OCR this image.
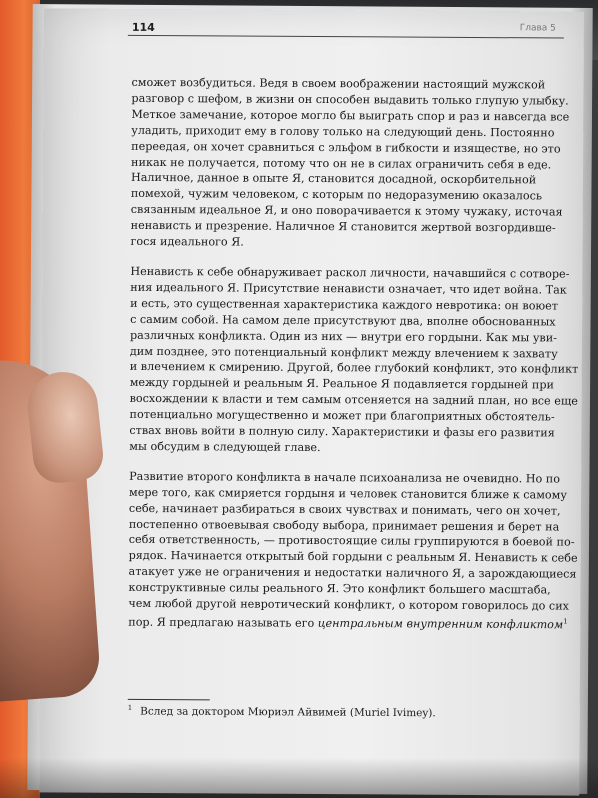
114	Глава 5
сможет возбудиться. Ведя в своем воображении настоящий мужской
разговор с шефом, в жизни он способен выдавить только глупую улыбку.
Меткое замечание, которое могло бы выиграть спор и раз и навсегда все
уладить, приходит ему в голову только на следующий день. Постоянно
переедая, он хочет сравниться с эльфом в гибкости и изяществе, но это
никак не получается, потому что он не в силах ограничить себя в еде.
Наличное, данное в опыте Я, становится досадной, оскорбительной
помехой, чужим человеком, с которым по недоразумению оказалось
связанным идеальное Я, и оно поворачивается к этому чужаку, источая
ненависть и презрение. Наличное Я становится жертвой возгордивше-
гося идеального Я.
Ненависть к себе обнаруживает раскол личности, начавшийся с сотворе-
ния идеального Я. Присутствие ненависти означает, что идет война. Так
и есть, это существенная характеристика каждого невротика: он воюет
с самим собой. На самом деле присутствуют два, вполне обоснованных
различных конфликта. Один из них — внутри его гордыни. Как мы уви-
дим позднее, это потенциальный конфликт между влечением к захвату
и влечением к смирению. Другой, более глубокий конфликт, это конфликт
между гордыней и реальным Я. Реальное Я подавляется гордыней при
восхождении к власти и тем самым отсеняется на задний план, но все еще
потенциально могущественно и может при благоприятных обстоятель-
ствах вновь войти в полную силу. Характеристики и фазы его развития
мы обсудим в следующей главе.
Развитие второго конфликта в начале психоанализа не очевидно. Но по
мере того, как смиряется гордыня и человек становится ближе к самому
себе, начинает разбираться в своих чувствах и понимать, чего он хочет,
постепенно отвоевывая свободу выбора, принимает решения и берет на
себя ответственность, — противостоящие силы группируются в боевой по-
рядок. Начинается открытый бой гордыни с реальным Я. Ненависть к себе
атакует уже не ограничения и недостатки наличного Я, а зарождающиеся
конструктивные силы реального Я. Это конфликт большего масштаба,
чем любой другой невротический конфликт, о котором говорилось до сих
пор. Я предлагаю называть его центральным внутренним конфликтом$^1$
$^1$ Вслед за доктором Мюриэл Айвимей (Muriel Ivimey).
